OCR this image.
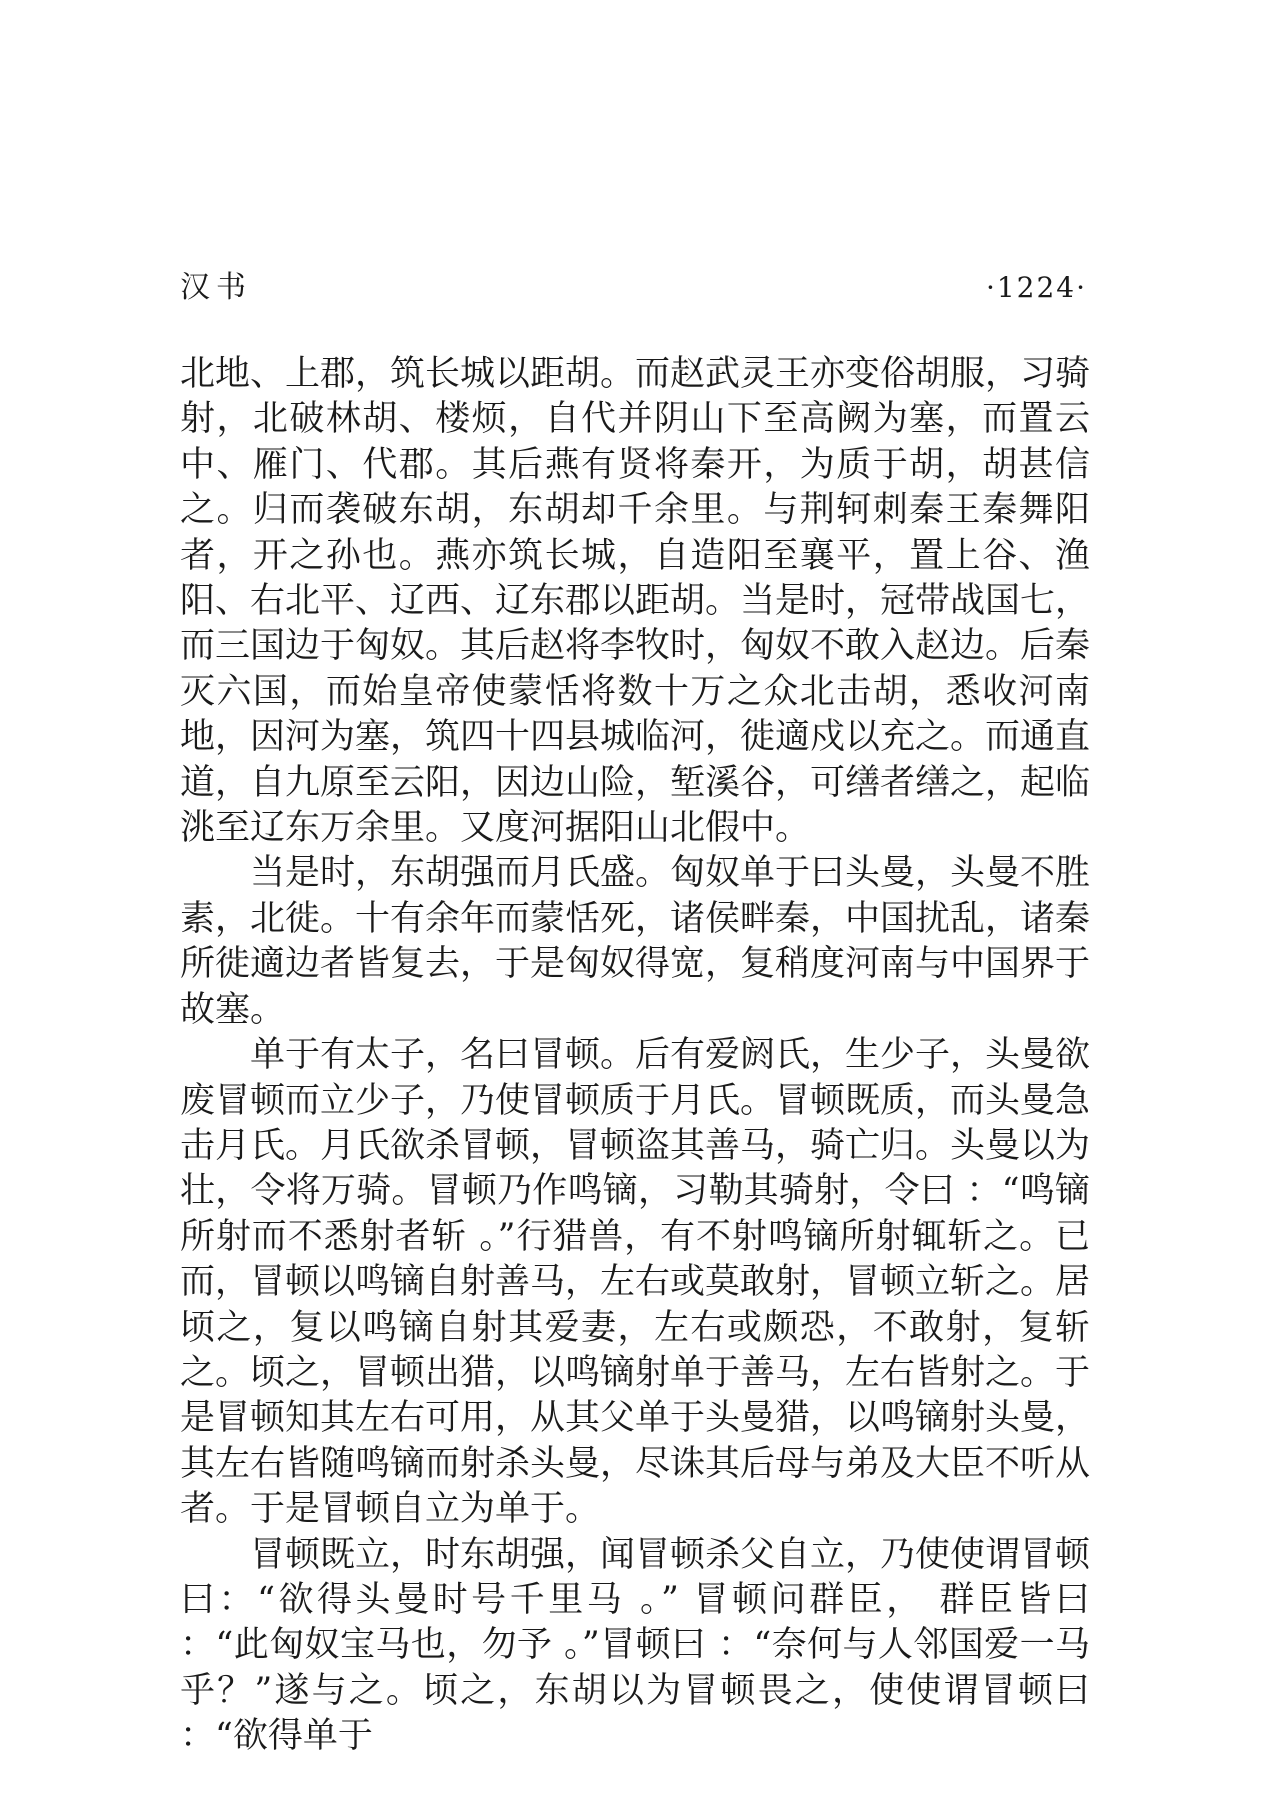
汉书	·1224·

北地、上郡，筑长城以距胡。而赵武灵王亦变俗胡服，习骑射，北破林胡、楼烦，自代并阴山下至高阙为塞，而置云中、雁门、代郡。其后燕有贤将秦开，为质于胡，胡甚信之。归而袭破东胡，东胡却千余里。与荆轲刺秦王秦舞阳者，开之孙也。燕亦筑长城，自造阳至襄平，置上谷、渔阳、右北平、辽西、辽东郡以距胡。当是时，冠带战国七，而三国边于匈奴。其后赵将李牧时，匈奴不敢入赵边。后秦灭六国，而始皇帝使蒙恬将数十万之众北击胡，悉收河南地，因河为塞，筑四十四县城临河，徙適戍以充之。而通直道，自九原至云阳，因边山险，堑溪谷，可缮者缮之，起临洮至辽东万余里。又度河据阳山北假中。

当是时，东胡强而月氏盛。匈奴单于曰头曼，头曼不胜素，北徙。十有余年而蒙恬死，诸侯畔秦，中国扰乱，诸秦所徙適边者皆复去，于是匈奴得宽，复稍度河南与中国界于故塞。

单于有太子，名曰冒顿。后有爱阏氏，生少子，头曼欲废冒顿而立少子，乃使冒顿质于月氏。冒顿既质，而头曼急击月氏。月氏欲杀冒顿，冒顿盗其善马，骑亡归。头曼以为壮，令将万骑。冒顿乃作鸣镝，习勒其骑射，令曰 ：“鸣镝所射而不悉射者斩 。”行猎兽，有不射鸣镝所射辄斩之。已而，冒顿以鸣镝自射善马，左右或莫敢射，冒顿立斩之。居顷之，复以鸣镝自射其爱妻，左右或颇恐，不敢射，复斩之。顷之，冒顿出猎，以鸣镝射单于善马，左右皆射之。于是冒顿知其左右可用，从其父单于头曼猎，以鸣镝射头曼，其左右皆随鸣镝而射杀头曼，尽诛其后母与弟及大臣不听从者。于是冒顿自立为单于。

冒顿既立，时东胡强，闻冒顿杀父自立，乃使使谓冒顿曰：“欲得头曼时号千里马 。” 冒顿问群臣， 群臣皆曰 ：“此匈奴宝马也，勿予 。”冒顿曰 ：“奈何与人邻国爱一马乎？”遂与之。顷之，东胡以为冒顿畏之，使使谓冒顿曰 ：“欲得单于
